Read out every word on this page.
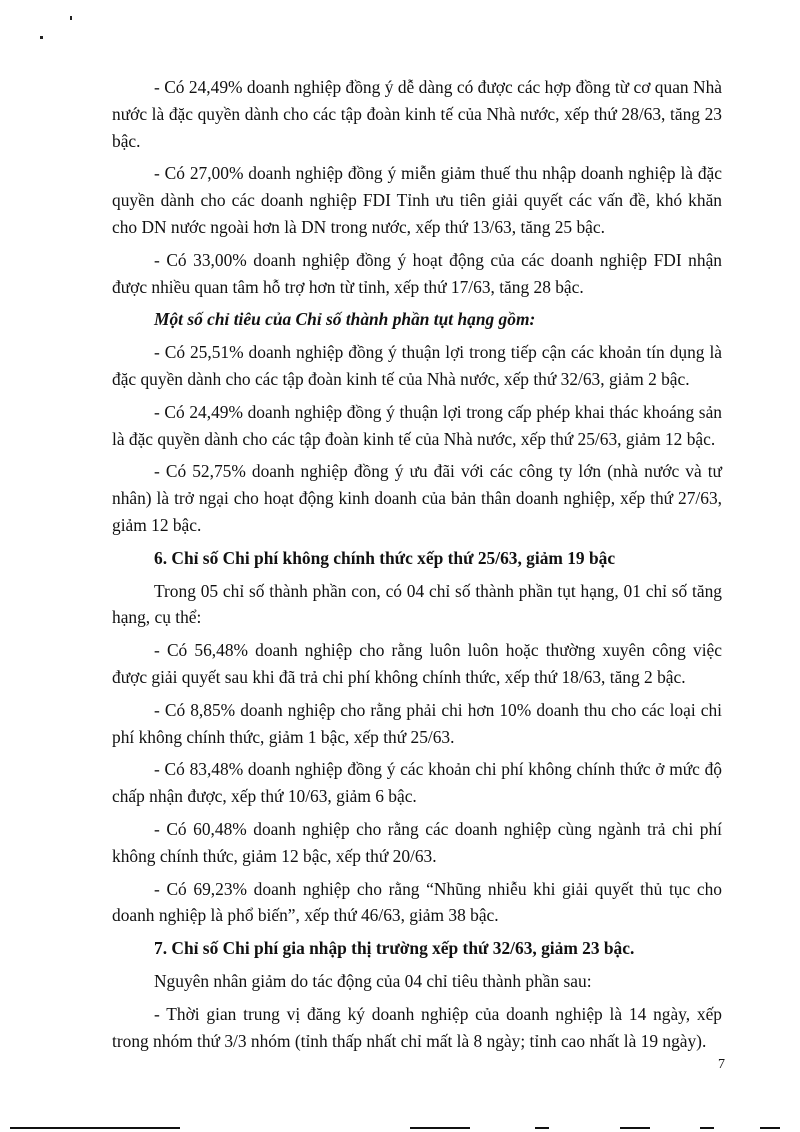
- Có 24,49% doanh nghiệp đồng ý dễ dàng có được các hợp đồng từ cơ quan Nhà nước là đặc quyền dành cho các tập đoàn kinh tế của Nhà nước, xếp thứ 28/63, tăng 23 bậc.

- Có 27,00% doanh nghiệp đồng ý miễn giảm thuế thu nhập doanh nghiệp là đặc quyền dành cho các doanh nghiệp FDI Tỉnh ưu tiên giải quyết các vấn đề, khó khăn cho DN nước ngoài hơn là DN trong nước, xếp thứ 13/63, tăng 25 bậc.

- Có 33,00% doanh nghiệp đồng ý hoạt động của các doanh nghiệp FDI nhận được nhiều quan tâm hỗ trợ hơn từ tỉnh, xếp thứ 17/63, tăng 28 bậc.

Một số chỉ tiêu của Chỉ số thành phần tụt hạng gồm:

- Có 25,51% doanh nghiệp đồng ý thuận lợi trong tiếp cận các khoản tín dụng là đặc quyền dành cho các tập đoàn kinh tế của Nhà nước, xếp thứ 32/63, giảm 2 bậc.

- Có 24,49% doanh nghiệp đồng ý thuận lợi trong cấp phép khai thác khoáng sản là đặc quyền dành cho các tập đoàn kinh tế của Nhà nước, xếp thứ 25/63, giảm 12 bậc.

- Có 52,75% doanh nghiệp đồng ý ưu đãi với các công ty lớn (nhà nước và tư nhân) là trở ngại cho hoạt động kinh doanh của bản thân doanh nghiệp, xếp thứ 27/63, giảm 12 bậc.

6. Chỉ số Chi phí không chính thức xếp thứ 25/63, giảm 19 bậc

Trong 05 chỉ số thành phần con, có 04 chỉ số thành phần tụt hạng, 01 chỉ số tăng hạng, cụ thể:

- Có 56,48% doanh nghiệp cho rằng luôn luôn hoặc thường xuyên công việc được giải quyết sau khi đã trả chi phí không chính thức, xếp thứ 18/63, tăng 2 bậc.

- Có 8,85% doanh nghiệp cho rằng phải chi hơn 10% doanh thu cho các loại chi phí không chính thức, giảm 1 bậc, xếp thứ 25/63.

- Có 83,48% doanh nghiệp đồng ý các khoản chi phí không chính thức ở mức độ chấp nhận được, xếp thứ 10/63, giảm 6 bậc.

- Có 60,48% doanh nghiệp cho rằng các doanh nghiệp cùng ngành trả chi phí không chính thức, giảm 12 bậc, xếp thứ 20/63.

- Có 69,23% doanh nghiệp cho rằng “Nhũng nhiễu khi giải quyết thủ tục cho doanh nghiệp là phổ biến”, xếp thứ 46/63, giảm 38 bậc.

7. Chỉ số Chi phí gia nhập thị trường xếp thứ 32/63, giảm 23 bậc.

Nguyên nhân giảm do tác động của 04 chỉ tiêu thành phần sau:

- Thời gian trung vị đăng ký doanh nghiệp của doanh nghiệp là 14 ngày, xếp trong nhóm thứ 3/3 nhóm (tỉnh thấp nhất chỉ mất là 8 ngày; tỉnh cao nhất là 19 ngày).

7
